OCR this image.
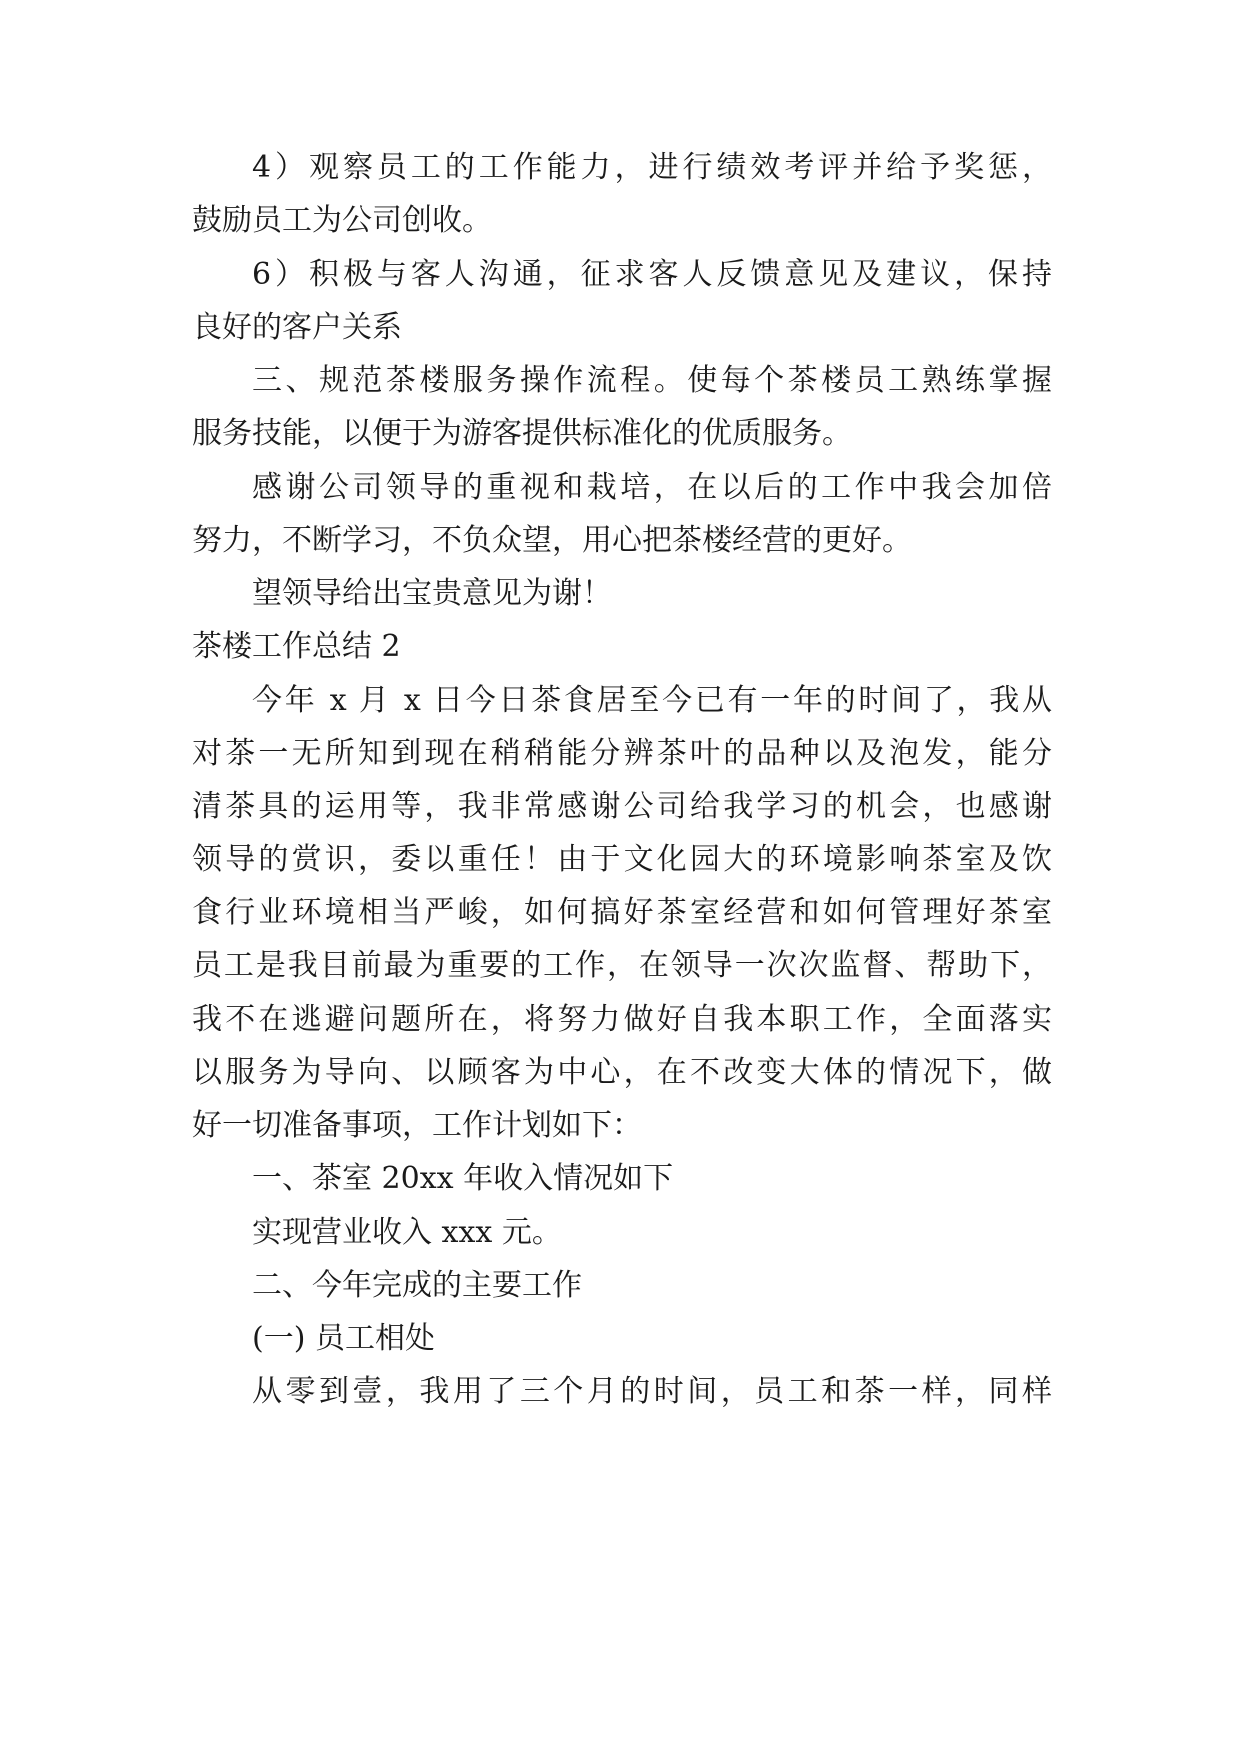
4）观察员工的工作能力，进行绩效考评并给予奖惩，
鼓励员工为公司创收。
6）积极与客人沟通，征求客人反馈意见及建议，保持
良好的客户关系
三、规范茶楼服务操作流程。使每个茶楼员工熟练掌握
服务技能，以便于为游客提供标准化的优质服务。
感谢公司领导的重视和栽培，在以后的工作中我会加倍
努力，不断学习，不负众望，用心把茶楼经营的更好。
望领导给出宝贵意见为谢！
茶楼工作总结 2
今年 x 月 x 日今日茶食居至今已有一年的时间了，我从
对茶一无所知到现在稍稍能分辨茶叶的品种以及泡发，能分
清茶具的运用等，我非常感谢公司给我学习的机会，也感谢
领导的赏识，委以重任！由于文化园大的环境影响茶室及饮
食行业环境相当严峻，如何搞好茶室经营和如何管理好茶室
员工是我目前最为重要的工作，在领导一次次监督、帮助下，
我不在逃避问题所在，将努力做好自我本职工作，全面落实
以服务为导向、以顾客为中心，在不改变大体的情况下，做
好一切准备事项，工作计划如下：
一、茶室 20xx 年收入情况如下
实现营业收入 xxx 元。
二、今年完成的主要工作
(一) 员工相处
从零到壹，我用了三个月的时间，员工和茶一样，同样
